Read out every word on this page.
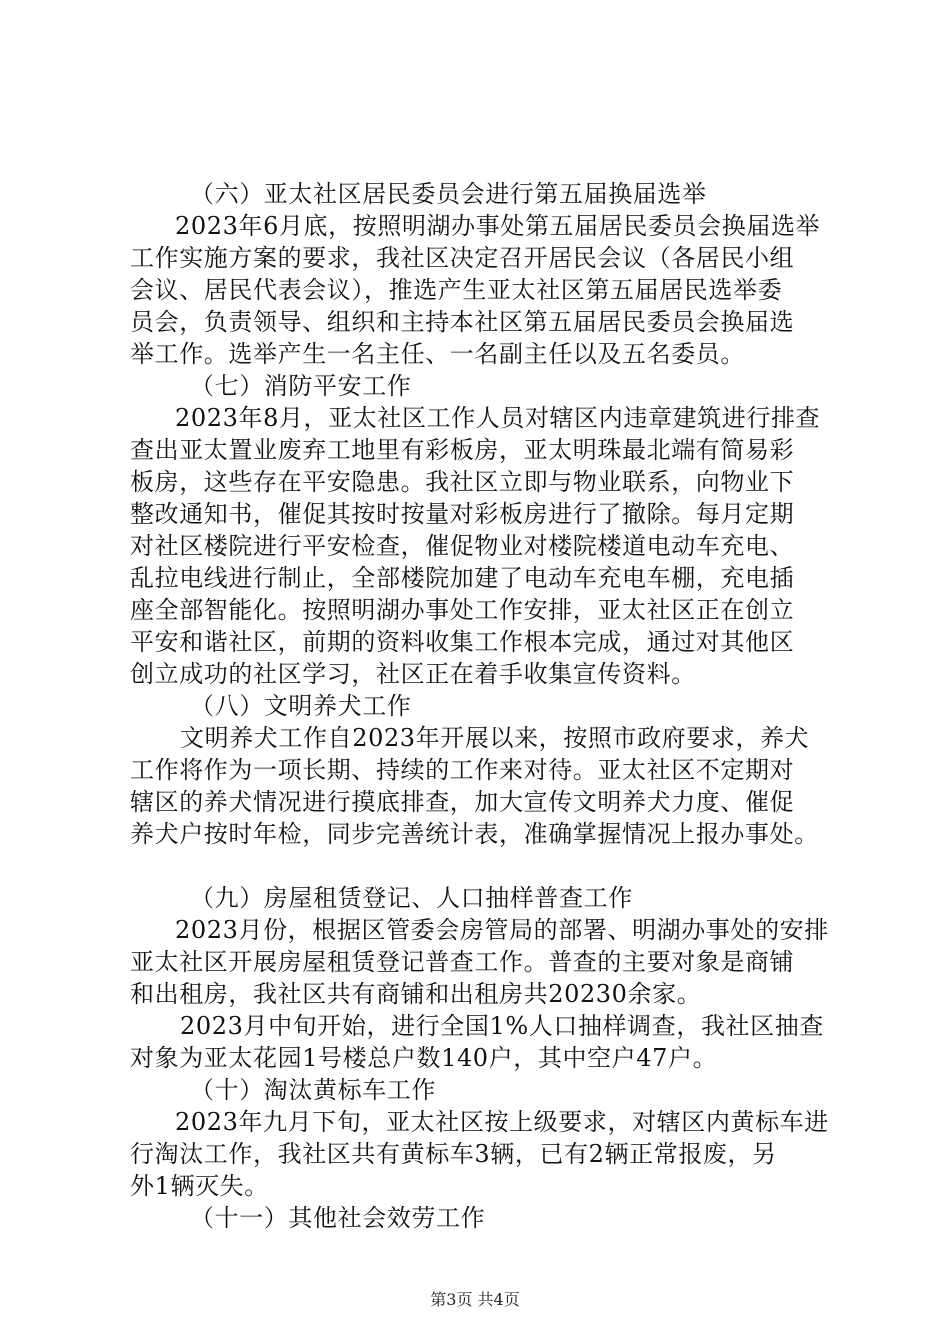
（六）亚太社区居民委员会进行第五届换届选举
2023年6月底，按照明湖办事处第五届居民委员会换届选举
工作实施方案的要求，我社区决定召开居民会议（各居民小组
会议、居民代表会议），推选产生亚太社区第五届居民选举委
员会，负责领导、组织和主持本社区第五届居民委员会换届选
举工作。选举产生一名主任、一名副主任以及五名委员。
（七）消防平安工作
2023年8月，亚太社区工作人员对辖区内违章建筑进行排查
查出亚太置业废弃工地里有彩板房，亚太明珠最北端有简易彩
板房，这些存在平安隐患。我社区立即与物业联系，向物业下
整改通知书，催促其按时按量对彩板房进行了撤除。每月定期
对社区楼院进行平安检查，催促物业对楼院楼道电动车充电、
乱拉电线进行制止，全部楼院加建了电动车充电车棚，充电插
座全部智能化。按照明湖办事处工作安排，亚太社区正在创立
平安和谐社区，前期的资料收集工作根本完成，通过对其他区
创立成功的社区学习，社区正在着手收集宣传资料。
（八）文明养犬工作
文明养犬工作自2023年开展以来，按照市政府要求，养犬
工作将作为一项长期、持续的工作来对待。亚太社区不定期对
辖区的养犬情况进行摸底排查，加大宣传文明养犬力度、催促
养犬户按时年检，同步完善统计表，准确掌握情况上报办事处。
（九）房屋租赁登记、人口抽样普查工作
2023月份，根据区管委会房管局的部署、明湖办事处的安排
亚太社区开展房屋租赁登记普查工作。普查的主要对象是商铺
和出租房，我社区共有商铺和出租房共20230余家。
2023月中旬开始，进行全国1%人口抽样调查，我社区抽查
对象为亚太花园1号楼总户数140户，其中空户47户。
（十）淘汰黄标车工作
2023年九月下旬，亚太社区按上级要求，对辖区内黄标车进
行淘汰工作，我社区共有黄标车3辆，已有2辆正常报废，另
外1辆灭失。
（十一）其他社会效劳工作
第3页 共4页
